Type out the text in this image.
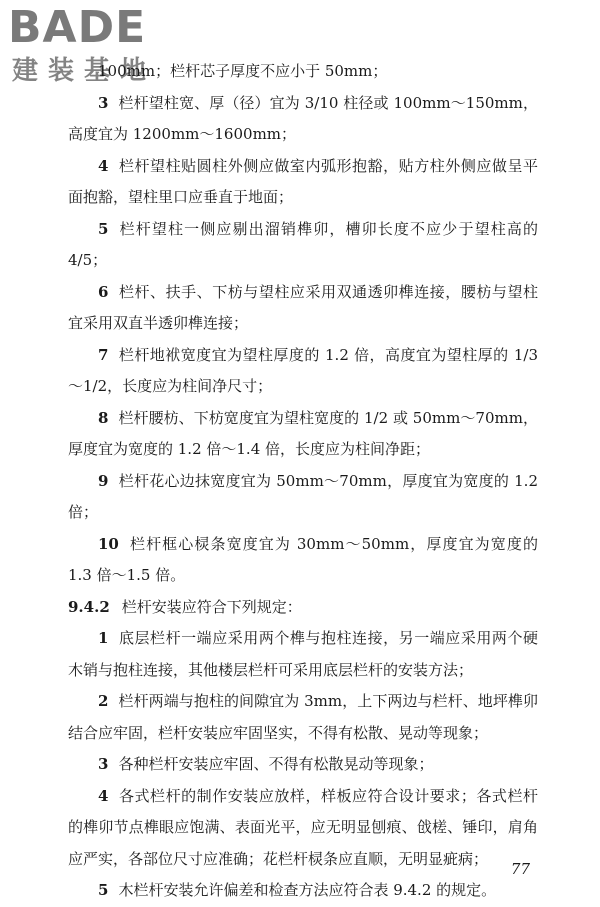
BADE
建装基地

100mm；栏杆芯子厚度不应小于 50mm；

3 栏杆望柱宽、厚（径）宜为 3/10 柱径或 100mm～150mm，高度宜为 1200mm～1600mm；

4 栏杆望柱贴圆柱外侧应做室内弧形抱豁，贴方柱外侧应做呈平面抱豁，望柱里口应垂直于地面；

5 栏杆望柱一侧应剔出溜销榫卯，槽卯长度不应少于望柱高的 4/5；

6 栏杆、扶手、下枋与望柱应采用双通透卯榫连接，腰枋与望柱宜采用双直半透卯榫连接；

7 栏杆地袱宽度宜为望柱厚度的 1.2 倍，高度宜为望柱厚的 1/3～1/2，长度应为柱间净尺寸；

8 栏杆腰枋、下枋宽度宜为望柱宽度的 1/2 或 50mm～70mm，厚度宜为宽度的 1.2 倍～1.4 倍，长度应为柱间净距；

9 栏杆花心边抹宽度宜为 50mm～70mm，厚度宜为宽度的 1.2 倍；

10 栏杆框心棂条宽度宜为 30mm～50mm，厚度宜为宽度的 1.3 倍～1.5 倍。

9.4.2 栏杆安装应符合下列规定：

1 底层栏杆一端应采用两个榫与抱柱连接，另一端应采用两个硬木销与抱柱连接，其他楼层栏杆可采用底层栏杆的安装方法；

2 栏杆两端与抱柱的间隙宜为 3mm，上下两边与栏杆、地坪榫卯结合应牢固，栏杆安装应牢固坚实，不得有松散、晃动等现象；

3 各种栏杆安装应牢固、不得有松散晃动等现象；

4 各式栏杆的制作安装应放样，样板应符合设计要求；各式栏杆的榫卯节点榫眼应饱满、表面光平，应无明显刨痕、戗槎、锤印，肩角应严实，各部位尺寸应准确；花栏杆棂条应直顺，无明显疵病；

5 木栏杆安装允许偏差和检查方法应符合表 9.4.2 的规定。

77
